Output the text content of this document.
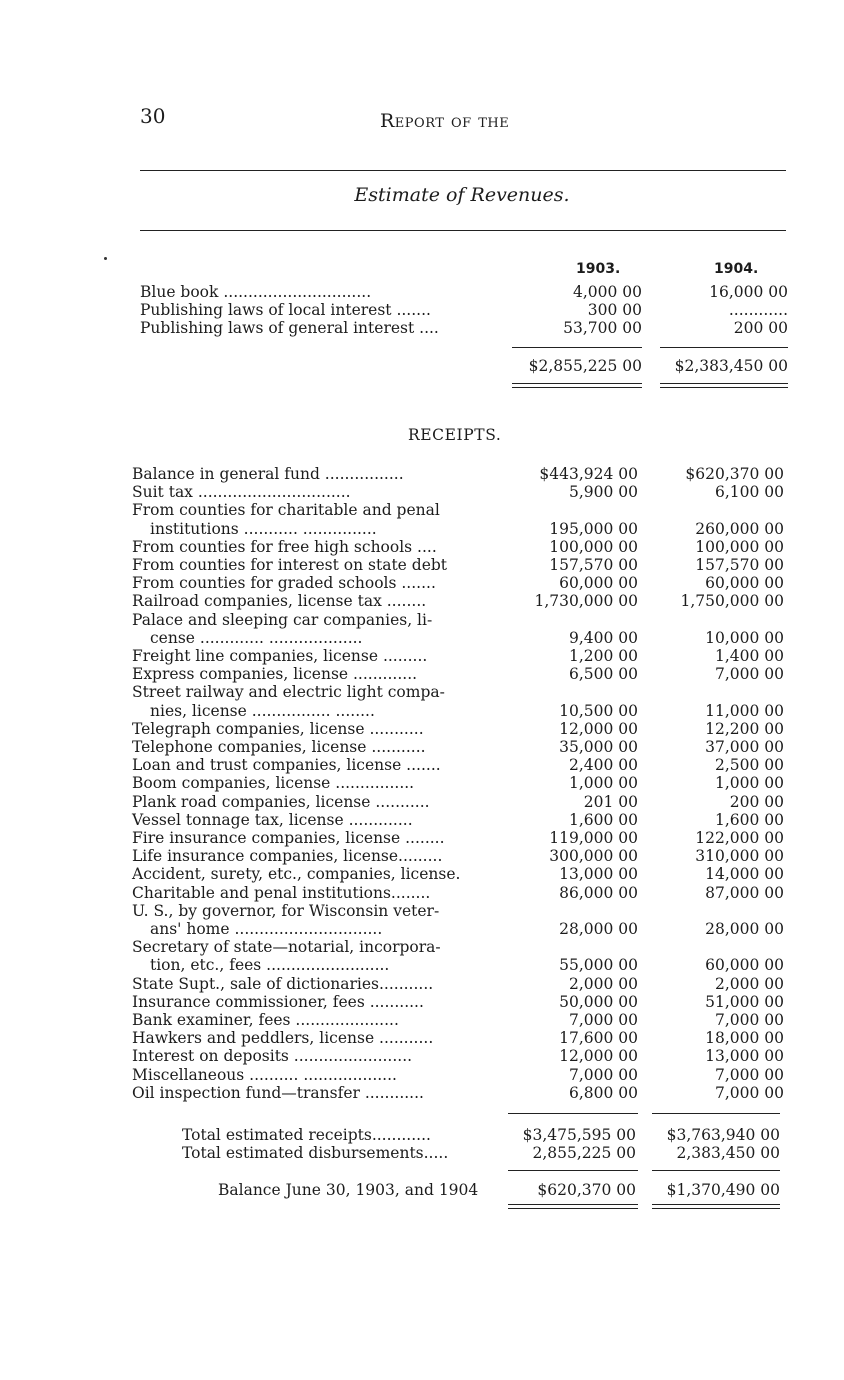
30	Report of the
Estimate of Revenues.
1903.	1904.
Blue book ..............................	4,000 00	16,000 00
Publishing laws of local interest .......	300 00	............
Publishing laws of general interest ....	53,700 00	200 00
$2,855,225 00 $2,383,450 00
RECEIPTS.
Balance in general fund ................	$443,924 00	$620,370 00
Suit tax ...............................	5,900 00	6,100 00
From counties for charitable and penal
institutions ........... ...............	195,000 00	260,000 00
From counties for free high schools ....	100,000 00	100,000 00
From counties for interest on state debt	157,570 00	157,570 00
From counties for graded schools .......	60,000 00	60,000 00
Railroad companies, license tax ........	1,730,000 00	1,750,000 00
Palace and sleeping car companies, li-
cense ............. ...................	9,400 00	10,000 00
Freight line companies, license .........	1,200 00	1,400 00
Express companies, license .............	6,500 00	7,000 00
Street railway and electric light compa-
nies, license ................ ........	10,500 00	11,000 00
Telegraph companies, license ...........	12,000 00	12,200 00
Telephone companies, license ...........	35,000 00	37,000 00
Loan and trust companies, license .......	2,400 00	2,500 00
Boom companies, license ................	1,000 00	1,000 00
Plank road companies, license ...........	201 00	200 00
Vessel tonnage tax, license .............	1,600 00	1,600 00
Fire insurance companies, license ........	119,000 00	122,000 00
Life insurance companies, license.........	300,000 00	310,000 00
Accident, surety, etc., companies, license.	13,000 00	14,000 00
Charitable and penal institutions........	86,000 00	87,000 00
U. S., by governor, for Wisconsin veter-
ans' home ..............................	28,000 00	28,000 00
Secretary of state—notarial, incorpora-
tion, etc., fees .........................	55,000 00	60,000 00
State Supt., sale of dictionaries...........	2,000 00	2,000 00
Insurance commissioner, fees ...........	50,000 00	51,000 00
Bank examiner, fees .....................	7,000 00	7,000 00
Hawkers and peddlers, license ...........	17,600 00	18,000 00
Interest on deposits ........................	12,000 00	13,000 00
Miscellaneous .......... ...................	7,000 00	7,000 00
Oil inspection fund—transfer ............	6,800 00	7,000 00
Total estimated receipts............	$3,475,595 00 $3,763,940 00
Total estimated disbursements.....	2,855,225 00	2,383,450 00
Balance June 30, 1903, and 1904	$620,370 00 $1,370,490 00
